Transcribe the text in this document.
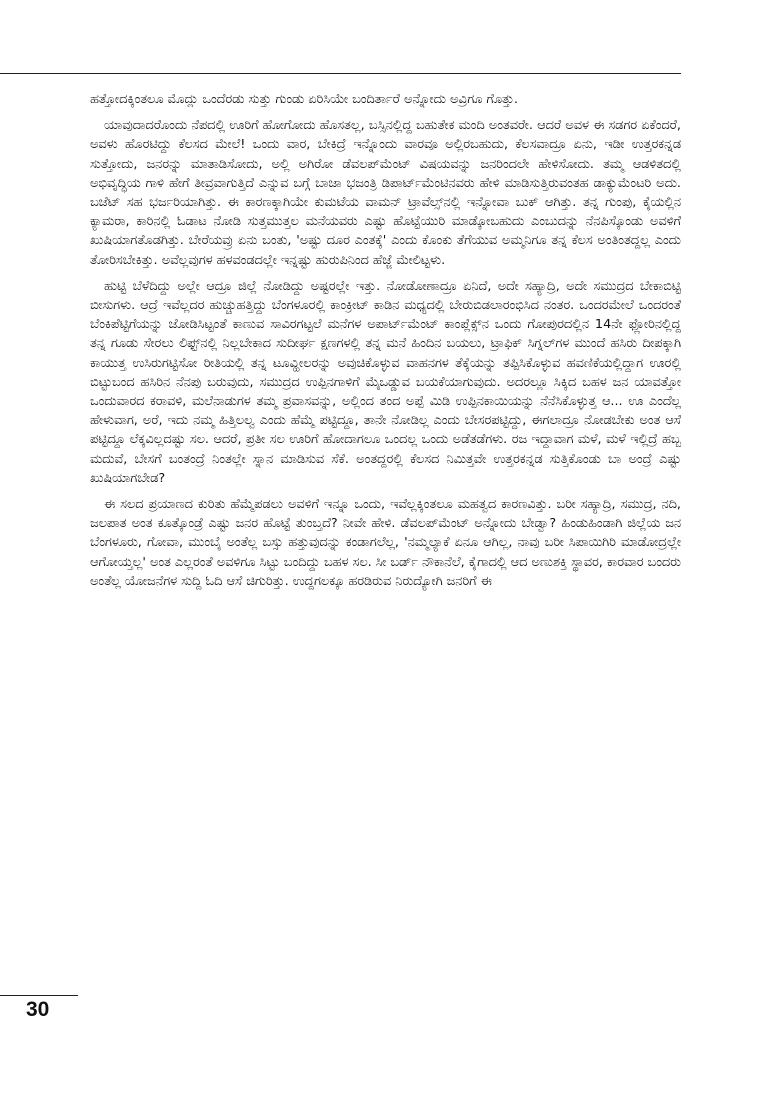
ಹತ್ತೋದಕ್ಕಿಂತಲೂ ಮೊದ್ಲು ಒಂದೆರಡು ಸುತ್ತು ಗುಂಡು ಏರಿಸಿಯೇ ಬಂದಿರ್ತಾರೆ ಅನ್ನೋದು ಅವ್ರಿಗೂ ಗೊತ್ತು.

ಯಾವುದಾದರೊಂದು ನೆಪದಲ್ಲಿ ಊರಿಗೆ ಹೋಗೋದು ಹೊಸತಲ್ಲ, ಬಸ್ಸಿನಲ್ಲಿದ್ದ ಬಹುತೇಕ ಮಂದಿ ಅಂತವರೇ. ಆದರೆ ಅವಳ ಈ ಸಡಗರ ಏಕೆಂದರೆ, ಅವಳು ಹೊರಟಿದ್ದು ಕೆಲಸದ ಮೇಲೆ! ಒಂದು ವಾರ, ಬೇಕಿದ್ರೆ ಇನ್ನೊಂದು ವಾರವೂ ಅಲ್ಲಿರಬಹುದು, ಕೆಲಸವಾದ್ರೂ ಏನು, ಇಡೀ ಉತ್ತರಕನ್ನಡ ಸುತ್ತೋದು, ಜನರನ್ನು ಮಾತಾಡಿಸೋದು, ಅಲ್ಲಿ ಅಗಿರೋ ಡೆವಲಪ್‌ಮೆಂಟ್ ವಿಷಯವನ್ನು ಜನರಿಂದಲೇ ಹೇಳಿಸೋದು. ತಮ್ಮ ಆಡಳಿತದಲ್ಲಿ ಅಭಿವೃದ್ಧಿಯ ಗಾಳಿ ಹೇಗೆ ತೀವ್ರವಾಗುತ್ತಿದೆ ಎನ್ನುವ ಬಗ್ಗೆ ಬಾಜಾ ಭಜಂತ್ರಿ ಡಿಪಾರ್ಟ್‌ಮೆಂಟಿನವರು ಹೇಳಿ ಮಾಡಿಸುತ್ತಿರುವಂತಹ ಡಾಕ್ಯುಮೆಂಟರಿ ಅದು. ಬಜೆಟ್ ಸಹ ಭರ್ಜರಿಯಾಗಿತ್ತು. ಈ ಕಾರಣಕ್ಕಾಗಿಯೇ ಕುಮಟೆಯ ವಾಮನ್ ಟ್ರಾವೆಲ್ಸ್‌ನಲ್ಲಿ ಇನ್ನೋವಾ ಬುಕ್ ಆಗಿತ್ತು. ತನ್ನ ಗುಂಪು, ಕೈಯಲ್ಲಿನ ಕ್ಯಾಮರಾ, ಕಾರಿನಲ್ಲಿ ಓಡಾಟ ನೋಡಿ ಸುತ್ತಮುತ್ತಲ ಮನೆಯವರು ಎಷ್ಟು ಹೊಟ್ಟೆಯುರಿ ಮಾಡ್ಕೋಬಹುದು ಎಂಬುದನ್ನು ನೆನಪಿಸ್ಕೊಂಡು ಅವಳಿಗೆ ಖುಷಿಯಾಗತೊಡಗಿತ್ತು. ಬೇರೆಯವ್ರು ಏನು ಬಂತು, 'ಅಷ್ಟು ದೂರ ಎಂತಕ್ಕೆ' ಎಂದು ಕೊಂಕು ತೆಗೆಯುವ ಅಮ್ಮನಿಗೂ ತನ್ನ ಕೆಲಸ ಅಂತಿಂತದ್ದಲ್ಲ ಎಂದು ತೋರಿಸಬೇಕಿತ್ತು. ಅವೆಲ್ಲವುಗಳ ಹಳವಂಡದಲ್ಲೇ ಇನ್ನಷ್ಟು ಹುರುಪಿನಿಂದ ಹೆಜ್ಜೆ ಮೇಲಿಟ್ಟಳು.

ಹುಟ್ಟಿ ಬೆಳೆದಿದ್ದು ಅಲ್ಲೇ ಆದ್ರೂ ಜಿಲ್ಲೆ ನೋಡಿದ್ದು ಅಷ್ಟರಲ್ಲೇ ಇತ್ತು. ನೋಡೋಣಾದ್ರೂ ಏನಿದೆ, ಅದೇ ಸಹ್ಯಾದ್ರಿ, ಅದೇ ಸಮುದ್ರದ ಬೇಕಾಬಿಟ್ಟಿ ಬೀಸುಗಳು. ಆದ್ರೆ ಇವೆಲ್ಲದರ ಹುಚ್ಚುಹತ್ತಿದ್ದು ಬೆಂಗಳೂರಲ್ಲಿ ಕಾಂಕ್ರೀಟ್ ಕಾಡಿನ ಮಧ್ಯದಲ್ಲಿ ಬೇರುಬಿಡಲಾರಂಭಿಸಿದ ನಂತರ. ಒಂದರಮೇಲೆ ಒಂದರಂತೆ ಬೆಂಕಿಪೆಟ್ಟಿಗೆಯನ್ನು ಜೋಡಿಸಿಟ್ಟಂತೆ ಕಾಣುವ ಸಾವಿರಗಟ್ಟಲೆ ಮನೆಗಳ ಅಪಾರ್ಟ್‌ಮೆಂಟ್ ಕಾಂಪ್ಲೆಕ್ಸ್‌ನ ಒಂದು ಗೋಪುರದಲ್ಲಿನ 14ನೇ ಫ್ಲೋರಿನಲ್ಲಿದ್ದ ತನ್ನ ಗೂಡು ಸೇರಲು ಲಿಫ್ಟ್‌ನಲ್ಲಿ ನಿಲ್ಲಬೇಕಾದ ಸುದೀರ್ಘ ಕ್ಷಣಗಳಲ್ಲಿ ತನ್ನ ಮನೆ ಹಿಂದಿನ ಬಯಲು, ಟ್ರಾಫಿಕ್ ಸಿಗ್ನಲ್‌ಗಳ ಮುಂದೆ ಹಸಿರು ದೀಪಕ್ಕಾಗಿ ಕಾಯುತ್ತ ಉಸಿರುಗಟ್ಟಿಸೋ ರೀತಿಯಲ್ಲಿ ತನ್ನ ಟೂವ್ಹೀಲರನ್ನು ಅವುಚಿಕೊಳ್ಳುವ ವಾಹನಗಳ ತೆಕ್ಕೆಯನ್ನು ತಪ್ಪಿಸಿಕೊಳ್ಳುವ ಹವಣಿಕೆಯಲ್ಲಿದ್ದಾಗ ಊರಲ್ಲಿ ಬಿಟ್ಟುಬಂದ ಹಸಿರಿನ ನೆನಪು ಬರುವುದು, ಸಮುದ್ರದ ಉಪ್ಪಿನಗಾಳಿಗೆ ಮೈಒಡ್ಡುವ ಬಯಕೆಯಾಗುವುದು. ಅದರಲ್ಲೂ ಸಿಕ್ಕಿದ ಬಹಳ ಜನ ಯಾವತ್ತೋ ಒಂದುವಾರದ ಕರಾವಳಿ, ಮಲೆನಾಡುಗಳ ತಮ್ಮ ಪ್ರವಾಸವನ್ನು, ಅಲ್ಲಿಂದ ತಂದ ಅಪ್ಪೆ ಮಿಡಿ ಉಪ್ಪಿನಕಾಯಿಯನ್ನು ನೆನೆಸಿಕೊಳ್ಳುತ್ತ ಆ... ಊ ಎಂದೆಲ್ಲ ಹೇಳುವಾಗ, ಅರೆ, ಇದು ನಮ್ಮ ಹಿತ್ತಿಲಲ್ವ ಎಂದು ಹೆಮ್ಮೆ ಪಟ್ಟಿದ್ದೂ, ತಾನೇ ನೋಡಿಲ್ಲ ಎಂದು ಬೇಸರಪಟ್ಟಿದ್ದು, ಈಗಲಾದ್ರೂ ನೋಡಬೇಕು ಅಂತ ಆಸೆ ಪಟ್ಟಿದ್ದೂ ಲೆಕ್ಕವಿಲ್ಲದಷ್ಟು ಸಲ. ಆದರೆ, ಪ್ರತೀ ಸಲ ಊರಿಗೆ ಹೋದಾಗಲೂ ಒಂದಲ್ಲ ಒಂದು ಅಡೆತಡೆಗಳು. ರಜ ಇದ್ದಾವಾಗ ಮಳೆ, ಮಳೆ ಇಲ್ಲಿದ್ರೆ ಹಬ್ಬ ಮದುವೆ, ಬೇಸಗೆ ಬಂತಂದ್ರೆ ನಿಂತಲ್ಲೇ ಸ್ನಾನ ಮಾಡಿಸುವ ಸೆಕೆ. ಅಂತದ್ದರಲ್ಲಿ ಕೆಲಸದ ನಿಮಿತ್ತವೇ ಉತ್ತರಕನ್ನಡ ಸುತ್ತಿಕೊಂಡು ಬಾ ಅಂದ್ರೆ ಎಷ್ಟು ಖುಷಿಯಾಗಬೇಡ?

ಈ ಸಲದ ಪ್ರಯಾಣದ ಕುರಿತು ಹೆಮ್ಮೆಪಡಲು ಅವಳಿಗೆ ಇನ್ನೂ ಒಂದು, ಇವೆಲ್ಲಕ್ಕಿಂತಲೂ ಮಹತ್ವದ ಕಾರಣವಿತ್ತು. ಬರೀ ಸಹ್ಯಾದ್ರಿ, ಸಮುದ್ರ, ನದಿ, ಜಲಪಾತ ಅಂತ ಕೂತ್ಕೊಂಡ್ರೆ ಎಷ್ಟು ಜನರ ಹೊಟ್ಟೆ ತುಂಬ್ತದೆ? ನೀವೇ ಹೇಳಿ. ಡೆವಲಪ್‌ಮೆಂಟ್ ಅನ್ನೋದು ಬೇಡ್ವಾ? ಹಿಂಡುಹಿಂಡಾಗಿ ಜಿಲ್ಲೆಯ ಜನ ಬೆಂಗಳೂರು, ಗೋವಾ, ಮುಂಬೈ ಅಂತೆಲ್ಲ ಬಸ್ಸು ಹತ್ತುವುದನ್ನು ಕಂಡಾಗಲೆಲ್ಲ, 'ನಮ್ಮಲ್ಯಾಕೆ ಏನೂ ಆಗಿಲ್ಲ, ನಾವು ಬರೀ ಸಿಪಾಯಿಗಿರಿ ಮಾಡೋದ್ರಲ್ಲೇ ಆಗೋಯ್ತಲ್ಲ' ಅಂತ ಎಲ್ಲರಂತೆ ಅವಳಿಗೂ ಸಿಟ್ಟು ಬಂದಿದ್ದು ಬಹಳ ಸಲ. ಸೀ ಬರ್ಡ್ ನೌಕಾನೆಲೆ, ಕೈಗಾದಲ್ಲಿ ಆದ ಅಣುಶಕ್ತಿ ಸ್ಥಾವರ, ಕಾರವಾರ ಬಂದರು ಅಂತೆಲ್ಲ ಯೋಜನೆಗಳ ಸುದ್ದಿ ಓದಿ ಆಸೆ ಚಿಗುರಿತ್ತು. ಉದ್ದಗಲಕ್ಕೂ ಹರಡಿರುವ ನಿರುದ್ಯೋಗಿ ಜನರಿಗೆ ಈ

30
